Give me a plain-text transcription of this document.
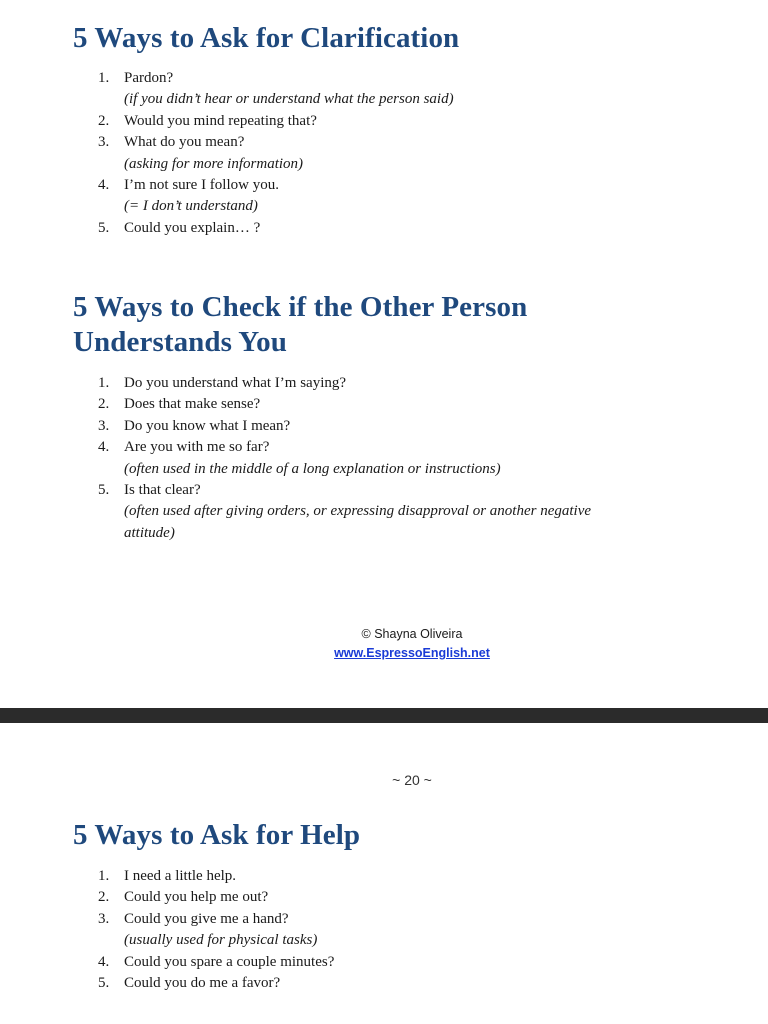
5 Ways to Ask for Clarification
1. Pardon?
(if you didn’t hear or understand what the person said)
2. Would you mind repeating that?
3. What do you mean?
(asking for more information)
4. I’m not sure I follow you.
(= I don’t understand)
5. Could you explain… ?
5 Ways to Check if the Other Person
Understands You
1. Do you understand what I’m saying?
2. Does that make sense?
3. Do you know what I mean?
4. Are you with me so far?
(often used in the middle of a long explanation or instructions)
5. Is that clear?
(often used after giving orders, or expressing disapproval or another negative
attitude)
© Shayna Oliveira
www.EspressoEnglish.net
~ 20 ~
5 Ways to Ask for Help
1. I need a little help.
2. Could you help me out?
3. Could you give me a hand?
(usually used for physical tasks)
4. Could you spare a couple minutes?
5. Could you do me a favor?
